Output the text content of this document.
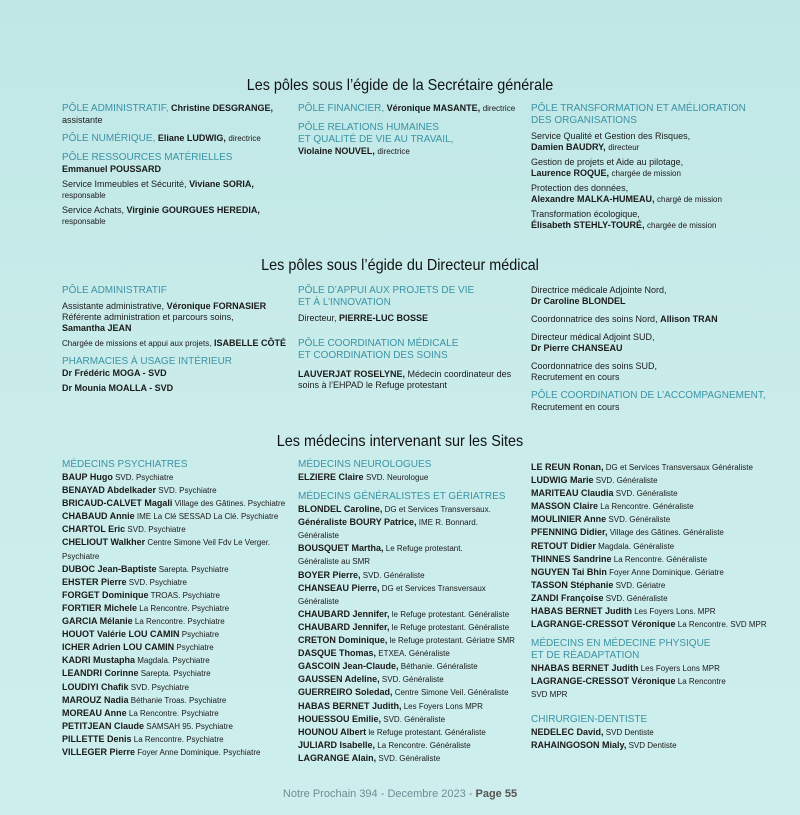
Les pôles sous l’égide de la Secrétaire générale
PÔLE ADMINISTRATIF, Christine DESGRANGE,
assistante
PÔLE NUMÉRIQUE, Eliane LUDWIG, directrice
PÔLE RESSOURCES MATÉRIELLES
Emmanuel POUSSARD
Service Immeubles et Sécurité, Viviane SORIA,
responsable
Service Achats, Virginie GOURGUES HEREDIA,
responsable
PÔLE FINANCIER, Véronique MASANTE, directrice
PÔLE RELATIONS HUMAINES
ET QUALITÉ DE VIE AU TRAVAIL,
Violaine NOUVEL, directrice
PÔLE TRANSFORMATION ET AMÉLIORATION
DES ORGANISATIONS
Service Qualité et Gestion des Risques,
Damien BAUDRY, directeur
Gestion de projets et Aide au pilotage,
Laurence ROQUE, chargée de mission
Protection des données,
Alexandre MALKA-HUMEAU, chargé de mission
Transformation écologique,
Élisabeth STEHLY-TOURÉ, chargée de mission
Les pôles sous l’égide du Directeur médical
PÔLE ADMINISTRATIF
Assistante administrative, Véronique FORNASIER
Référente administration et parcours soins,
Samantha JEAN
Chargée de missions et appui aux projets, ISABELLE CÔTÉ
PHARMACIES À USAGE INTÉRIEUR
Dr Frédéric MOGA - SVD
Dr Mounia MOALLA - SVD
PÔLE D’APPUI AUX PROJETS DE VIE
ET À L’INNOVATION
Directeur, PIERRE-LUC BOSSE
PÔLE COORDINATION MÉDICALE
ET COORDINATION DES SOINS
LAUVERJAT ROSELYNE, Médecin coordinateur des
soins à l’EHPAD le Refuge protestant
Directrice médicale Adjointe Nord,
Dr Caroline BLONDEL
Coordonnatrice des soins Nord, Allison TRAN
Directeur médical Adjoint SUD,
Dr Pierre CHANSEAU
Coordonnatrice des soins SUD,
Recrutement en cours
PÔLE COORDINATION DE L’ACCOMPAGNEMENT,
Recrutement en cours
Les médecins intervenant sur les Sites
MÉDECINS PSYCHIATRES
BAUP Hugo SVD. Psychiatre
BENAYAD Abdelkader SVD. Psychiatre
BRICAUD-CALVET Magali Village des Gâtines. Psychiatre
CHABAUD Annie IME La Clé SESSAD La Clé. Psychiatre
CHARTOL Eric SVD. Psychiatre
CHELIOUT Walkher Centre Simone Veil Fdv Le Verger.
Psychiatre
DUBOC Jean-Baptiste Sarepta. Psychiatre
EHSTER Pierre SVD. Psychiatre
FORGET Dominique TROAS. Psychiatre
FORTIER Michele La Rencontre. Psychiatre
GARCIA Mélanie La Rencontre. Psychiatre
HOUOT Valérie LOU CAMIN Psychiatre
ICHER Adrien LOU CAMIN Psychiatre
KADRI Mustapha Magdala. Psychiatre
LEANDRI Corinne Sarepta. Psychiatre
LOUDIYI Chafik SVD. Psychiatre
MAROUZ Nadia Béthanie Troas. Psychiatre
MOREAU Anne La Rencontre. Psychiatre
PETITJEAN Claude SAMSAH 95. Psychiatre
PILLETTE Denis La Rencontre. Psychiatre
VILLEGER Pierre Foyer Anne Dominique. Psychiatre
MÉDECINS NEUROLOGUES
ELZIERE Claire SVD. Neurologue
MÉDECINS GÉNÉRALISTES ET GÉRIATRES
BLONDEL Caroline, DG et Services Transversaux.
Généraliste BOURY Patrice, IME R. Bonnard.
Généraliste
BOUSQUET Martha, Le Refuge protestant.
Généraliste au SMR
BOYER Pierre, SVD. Généraliste
CHANSEAU Pierre, DG et Services Transversaux
Généraliste
CHAUBARD Jennifer, le Refuge protestant. Généraliste
CHAUBARD Jennifer, le Refuge protestant. Généraliste
CRETON Dominique, le Refuge protestant. Gériatre SMR
DASQUE Thomas, ETXEA. Généraliste
GASCOIN Jean-Claude, Béthanie. Généraliste
GAUSSEN Adeline, SVD. Généraliste
GUERREIRO Soledad, Centre Simone Veil. Généraliste
HABAS BERNET Judith, Les Foyers Lons MPR
HOUESSOU Emilie, SVD. Généraliste
HOUNOU Albert le Refuge protestant. Généraliste
JULIARD Isabelle, La Rencontre. Généraliste
LAGRANGE Alain, SVD. Généraliste
LE REUN Ronan, DG et Services Transversaux Généraliste
LUDWIG Marie SVD. Généraliste
MARITEAU Claudia SVD. Généraliste
MASSON Claire La Rencontre. Généraliste
MOULINIER Anne SVD. Généraliste
PFENNING Didier, Village des Gâtines. Généraliste
RETOUT Didier Magdala. Généraliste
THINNES Sandrine La Rencontre. Généraliste
NGUYEN Tai Bhin Foyer Anne Dominique. Gériatre
TASSON Stéphanie SVD. Gériatre
ZANDI Françoise SVD. Généraliste
HABAS BERNET Judith Les Foyers Lons. MPR
LAGRANGE-CRESSOT Véronique La Rencontre. SVD MPR
MÉDECINS EN MÉDECINE PHYSIQUE
ET DE RÉADAPTATION
NHABAS BERNET Judith Les Foyers Lons MPR
LAGRANGE-CRESSOT Véronique La Rencontre
SVD MPR
CHIRURGIEN-DENTISTE
NEDELEC David, SVD Dentiste
RAHAINGOSON Mialy, SVD Dentiste
Notre Prochain 394 - Decembre 2023 - Page 55
